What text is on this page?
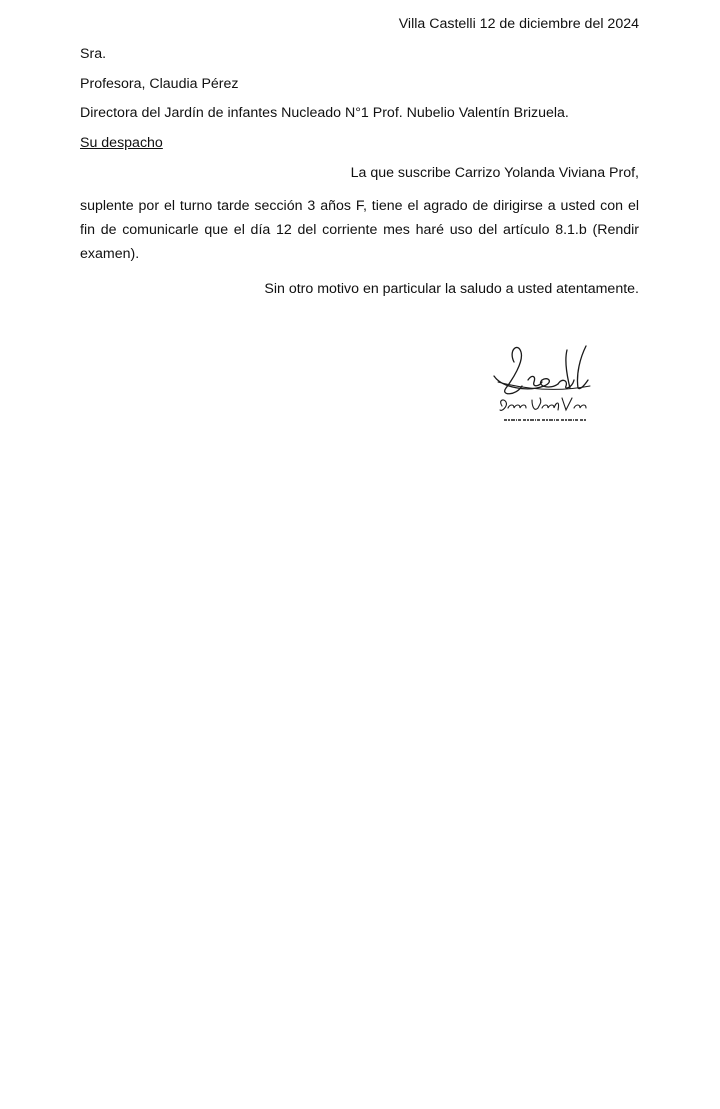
Villa Castelli 12 de diciembre del 2024
Sra.
Profesora, Claudia Pérez
Directora del Jardín de infantes Nucleado N°1 Prof. Nubelio Valentín Brizuela.
Su despacho
La que suscribe Carrizo Yolanda Viviana Prof,
suplente por el turno tarde sección 3 años F, tiene el agrado de dirigirse a usted con el fin de comunicarle que el día 12 del corriente mes haré uso del artículo 8.1.b (Rendir examen).
Sin otro motivo en particular la saludo a usted atentamente.
